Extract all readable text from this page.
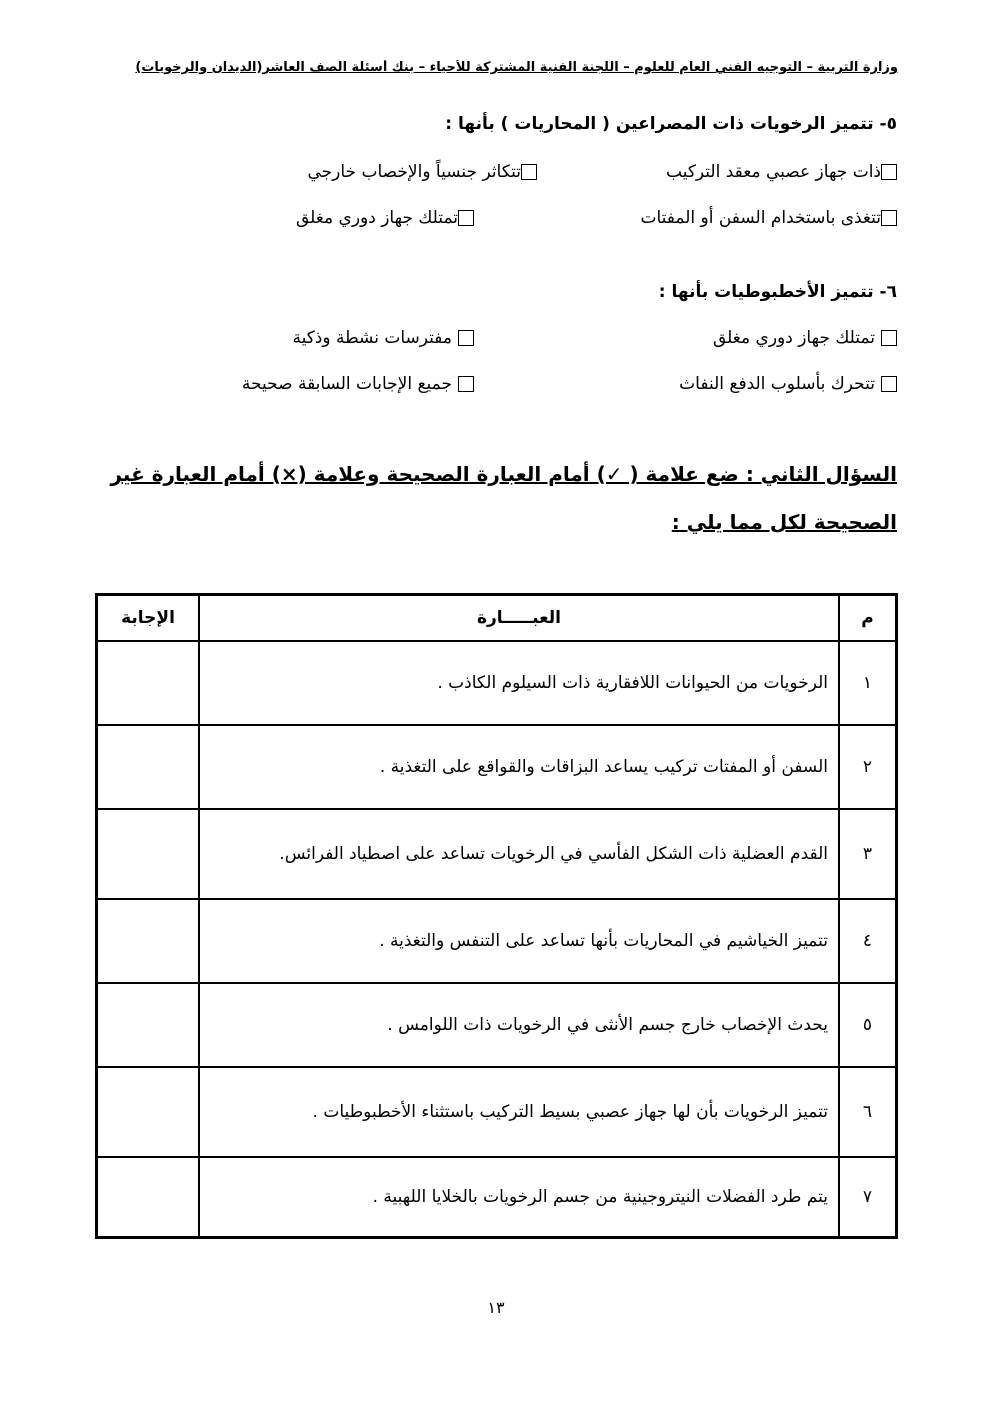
وزارة التربية – التوجيه الفني العام للعلوم – اللجنة الفنية المشتركة للأحياء – بنك أسئلة الصف العاشر(الديدان والرخويات)
٥- تتميز الرخويات ذات المصراعين ( المحاريات ) بأنها :
ذات جهاز عصبي معقد التركيب
تتكاثر جنسياً والإخصاب خارجي
تتغذى باستخدام السفن أو المفتات
تمتلك جهاز دوري مغلق
٦- تتميز الأخطبوطيات بأنها :
تمتلك جهاز دوري مغلق
مفترسات نشطة وذكية
تتحرك بأسلوب الدفع النفاث
جميع الإجابات السابقة صحيحة
السؤال الثاني : ضع علامة ( ✓) أمام العبارة الصحيحة وعلامة (×) أمام العبارة غير
الصحيحة لكل مما يلي :
م	العبـــــارة	الإجابة
١	الرخويات من الحيوانات اللافقارية ذات السيلوم الكاذب .	
٢	السفن أو المفتات تركيب يساعد البزاقات والقواقع على التغذية .	
٣	القدم العضلية ذات الشكل الفأسي في الرخويات تساعد على اصطياد الفرائس.	
٤	تتميز الخياشيم في المحاريات بأنها تساعد على التنفس والتغذية .	
٥	يحدث الإخصاب خارج جسم الأنثى في الرخويات ذات اللوامس .	
٦	تتميز الرخويات بأن لها جهاز عصبي بسيط التركيب باستثناء الأخطبوطيات .	
٧	يتم طرد الفضلات النيتروجينية من جسم الرخويات بالخلايا اللهبية .	
١٣
